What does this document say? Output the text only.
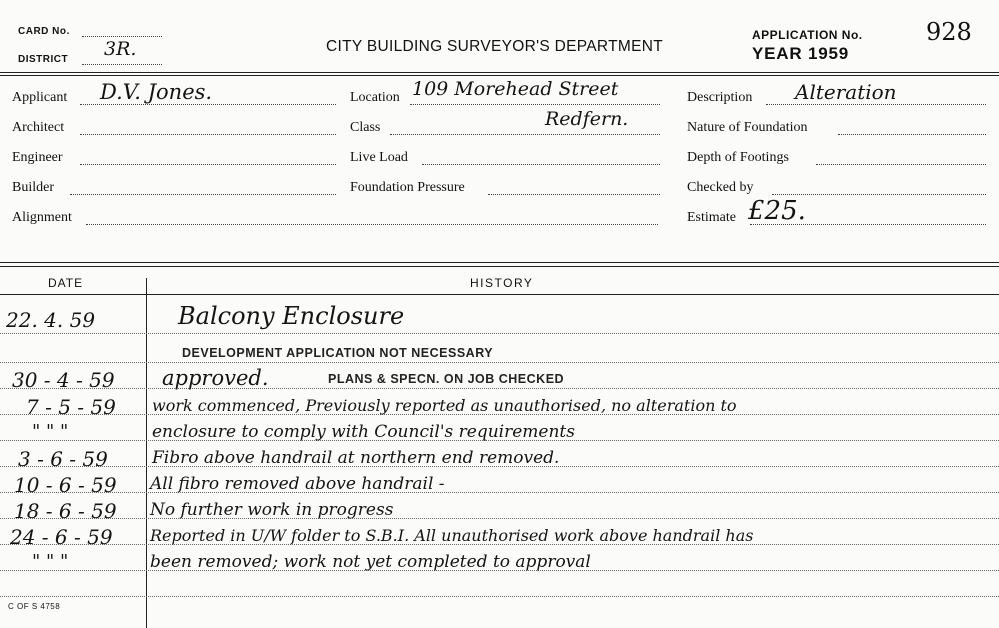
CARD No.
DISTRICT 3R.	CITY BUILDING SURVEYOR'S DEPARTMENT
APPLICATION No.	928
YEAR 1959
Applicant D.V. Jones.
Architect
Engineer
Builder
Alignment
Location 109 Morehead Street
Class	Redfern.
Live Load
Foundation Pressure
Description Alteration
Nature of Foundation
Depth of Footings
Checked by
Estimate £25.
DATE	HISTORY
22. 4. 59	Balcony Enclosure
DEVELOPMENT APPLICATION NOT NECESSARY
30 - 4 - 59 approved.	PLANS & SPECN. ON JOB CHECKED
7 - 5 - 59 work commenced, Previously reported as unauthorised, no alteration to
" " "	enclosure to comply with Council's requirements
3 - 6 - 59	Fibro above handrail at northern end removed.
10 - 6 - 59 All fibro removed above handrail -
18 - 6 - 59 No further work in progress
24 - 6 - 59 Reported in U/W folder to S.B.I. All unauthorised work above handrail has
" " "	been removed; work not yet completed to approval
C OF S 4758
